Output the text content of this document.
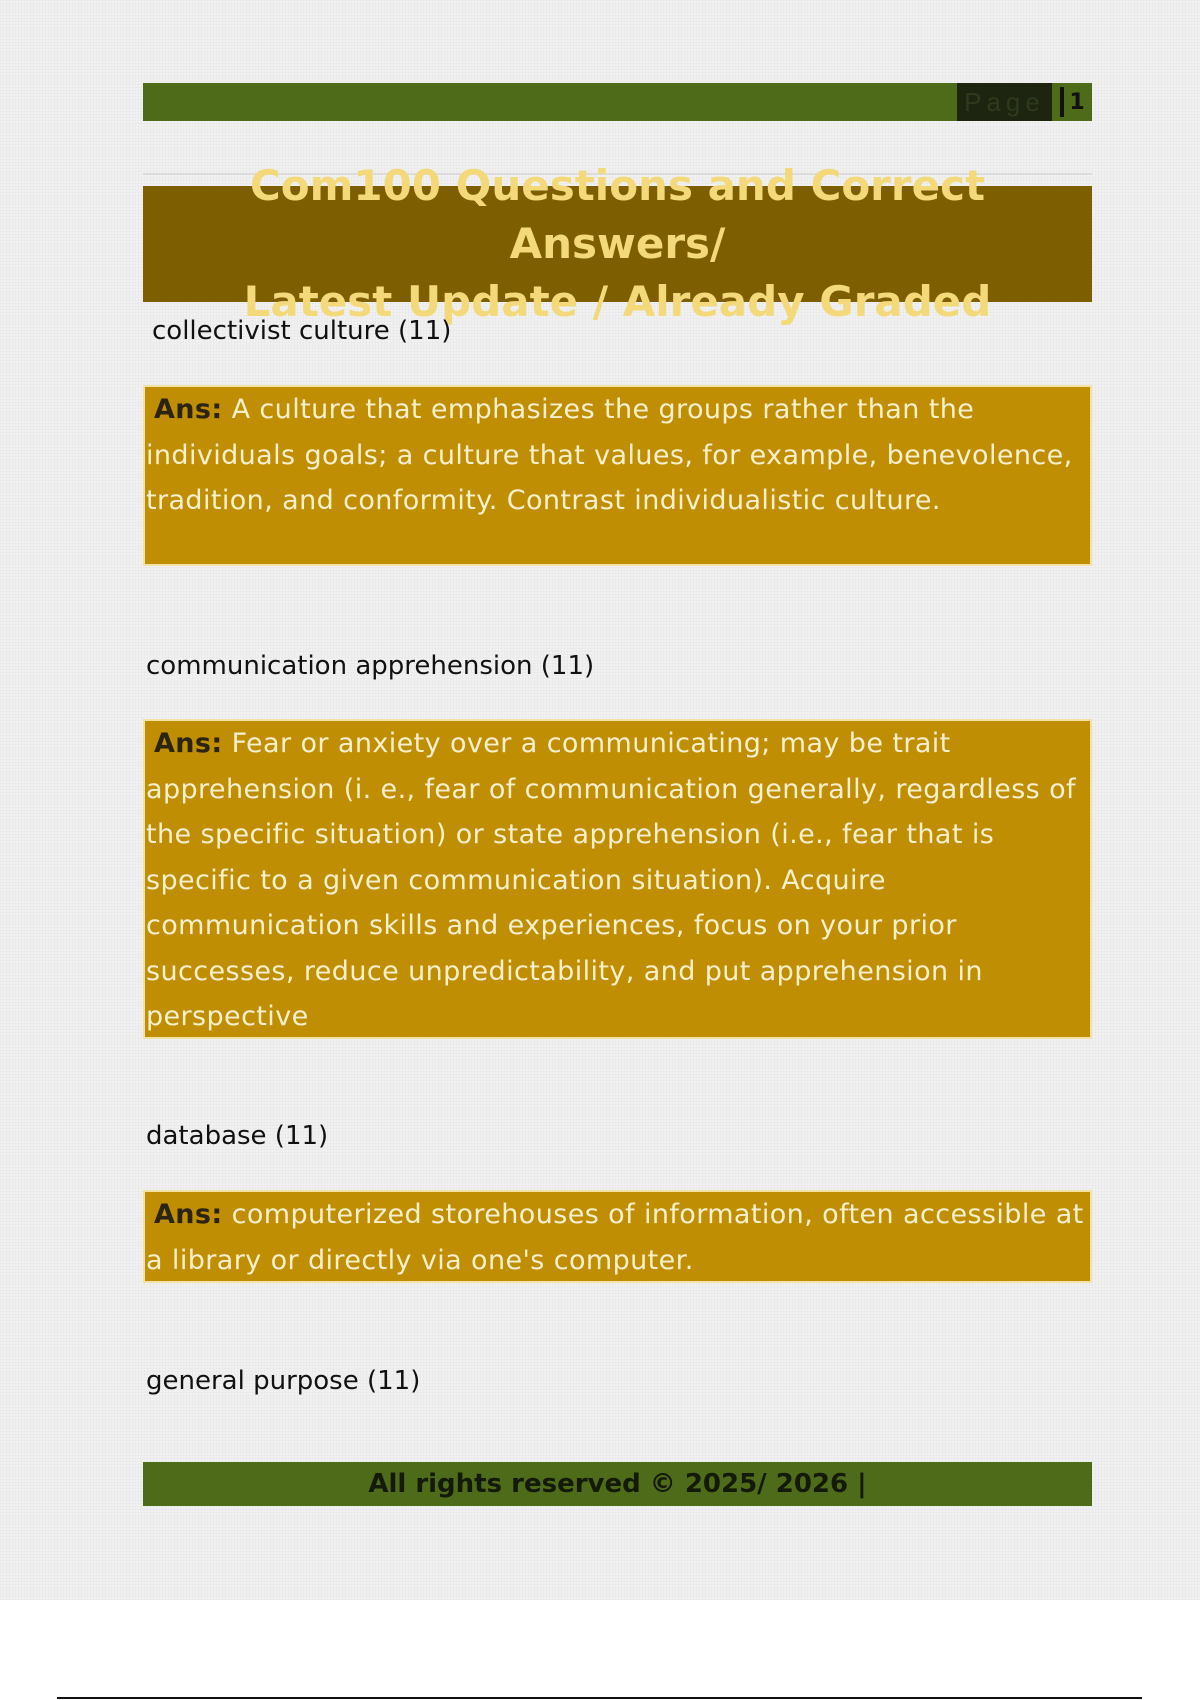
Page	1
Com100 Questions and Correct Answers/
Latest Update / Already Graded
collectivist culture (11)
Ans: A culture that emphasizes the groups rather than the individuals goals; a culture that values, for example, benevolence, tradition, and conformity. Contrast individualistic culture.
communication apprehension (11)
Ans: Fear or anxiety over a communicating; may be trait apprehension (i. e., fear of communication generally, regardless of the specific situation) or state apprehension (i.e., fear that is specific to a given communication situation). Acquire communication skills and experiences, focus on your prior successes, reduce unpredictability, and put apprehension in perspective
database (11)
Ans: computerized storehouses of information, often accessible at a library or directly via one's computer.
general purpose (11)
All rights reserved © 2025/ 2026 |
